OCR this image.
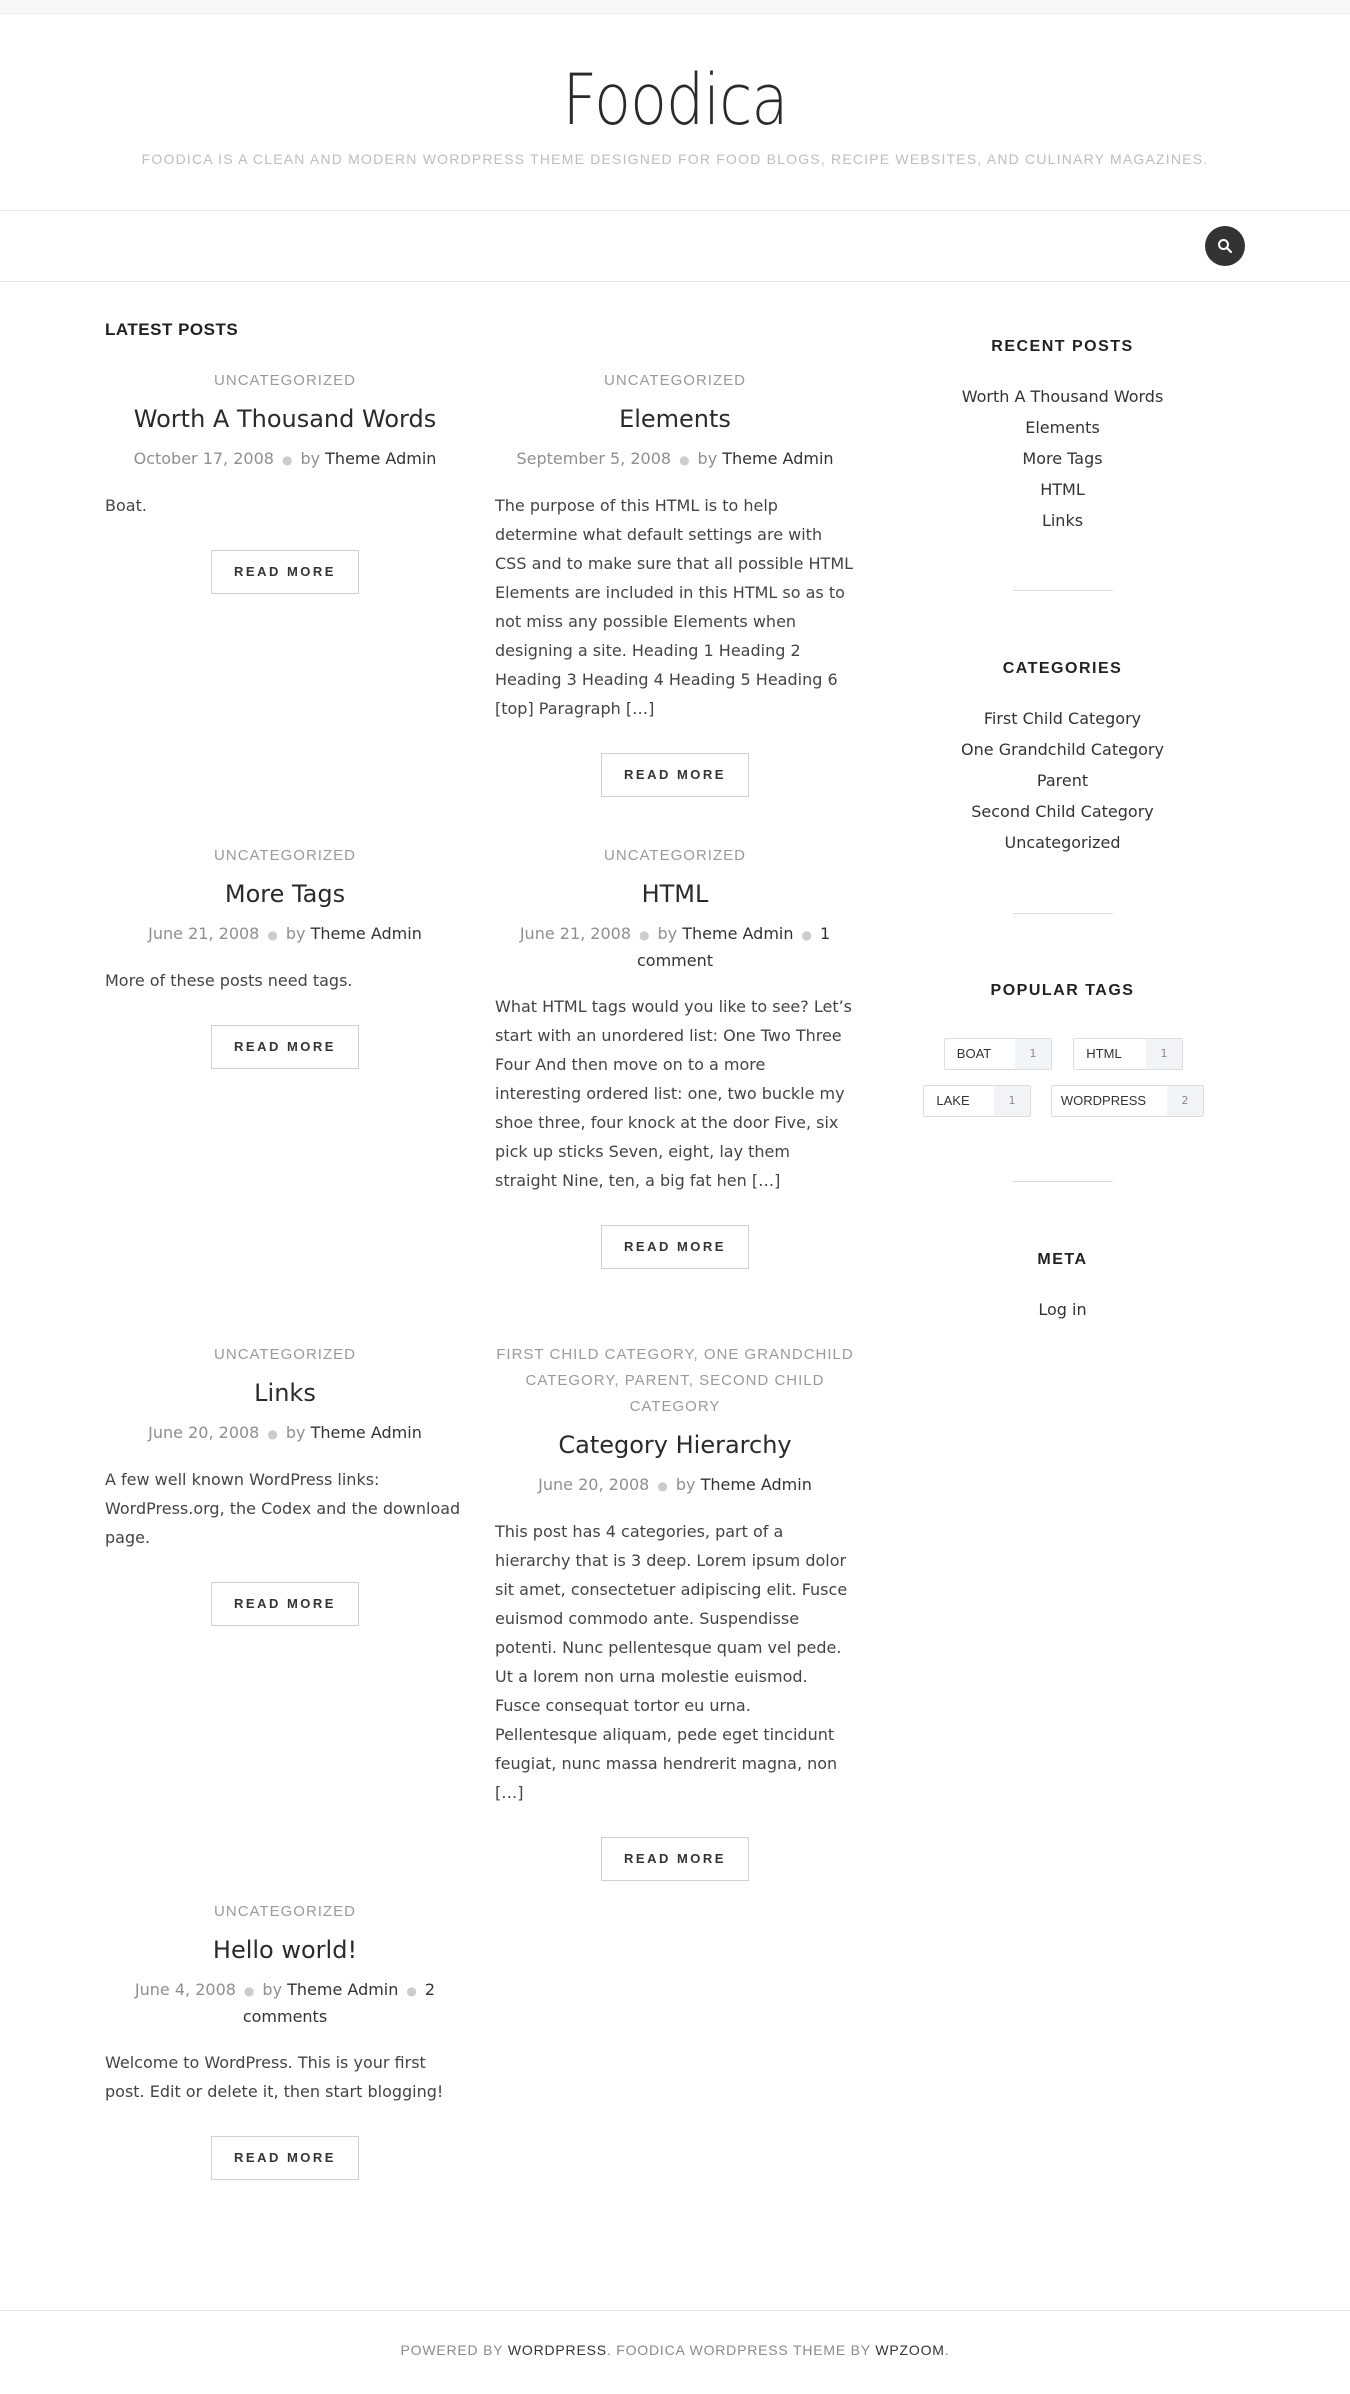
Foodica
FOODICA IS A CLEAN AND MODERN WORDPRESS THEME DESIGNED FOR FOOD BLOGS, RECIPE WEBSITES, AND CULINARY MAGAZINES.
LATEST POSTS
UNCATEGORIZED
Worth A Thousand Words
October 17, 2008 ● by Theme Admin
Boat.
READ MORE
UNCATEGORIZED
Elements
September 5, 2008 ● by Theme Admin
The purpose of this HTML is to help determine what default settings are with CSS and to make sure that all possible HTML Elements are included in this HTML so as to not miss any possible Elements when designing a site. Heading 1 Heading 2 Heading 3 Heading 4 Heading 5 Heading 6 [top] Paragraph […]
READ MORE
UNCATEGORIZED
More Tags
June 21, 2008 ● by Theme Admin
More of these posts need tags.
READ MORE
UNCATEGORIZED
HTML
June 21, 2008 ● by Theme Admin ● 1 comment
What HTML tags would you like to see? Let’s start with an unordered list: One Two Three Four And then move on to a more interesting ordered list: one, two buckle my shoe three, four knock at the door Five, six pick up sticks Seven, eight, lay them straight Nine, ten, a big fat hen […]
READ MORE
UNCATEGORIZED
Links
June 20, 2008 ● by Theme Admin
A few well known WordPress links: WordPress.org, the Codex and the download page.
READ MORE
FIRST CHILD CATEGORY, ONE GRANDCHILD CATEGORY, PARENT, SECOND CHILD CATEGORY
Category Hierarchy
June 20, 2008 ● by Theme Admin
This post has 4 categories, part of a hierarchy that is 3 deep. Lorem ipsum dolor sit amet, consectetuer adipiscing elit. Fusce euismod commodo ante. Suspendisse potenti. Nunc pellentesque quam vel pede. Ut a lorem non urna molestie euismod. Fusce consequat tortor eu urna. Pellentesque aliquam, pede eget tincidunt feugiat, nunc massa hendrerit magna, non […]
READ MORE
UNCATEGORIZED
Hello world!
June 4, 2008 ● by Theme Admin ● 2 comments
Welcome to WordPress. This is your first post. Edit or delete it, then start blogging!
READ MORE
RECENT POSTS
Worth A Thousand Words
Elements
More Tags
HTML
Links
CATEGORIES
First Child Category
One Grandchild Category
Parent
Second Child Category
Uncategorized
POPULAR TAGS
BOAT	1	HTML	1
LAKE	1	WORDPRESS	2
META
Log in
POWERED BY WORDPRESS. FOODICA WORDPRESS THEME BY WPZOOM.
